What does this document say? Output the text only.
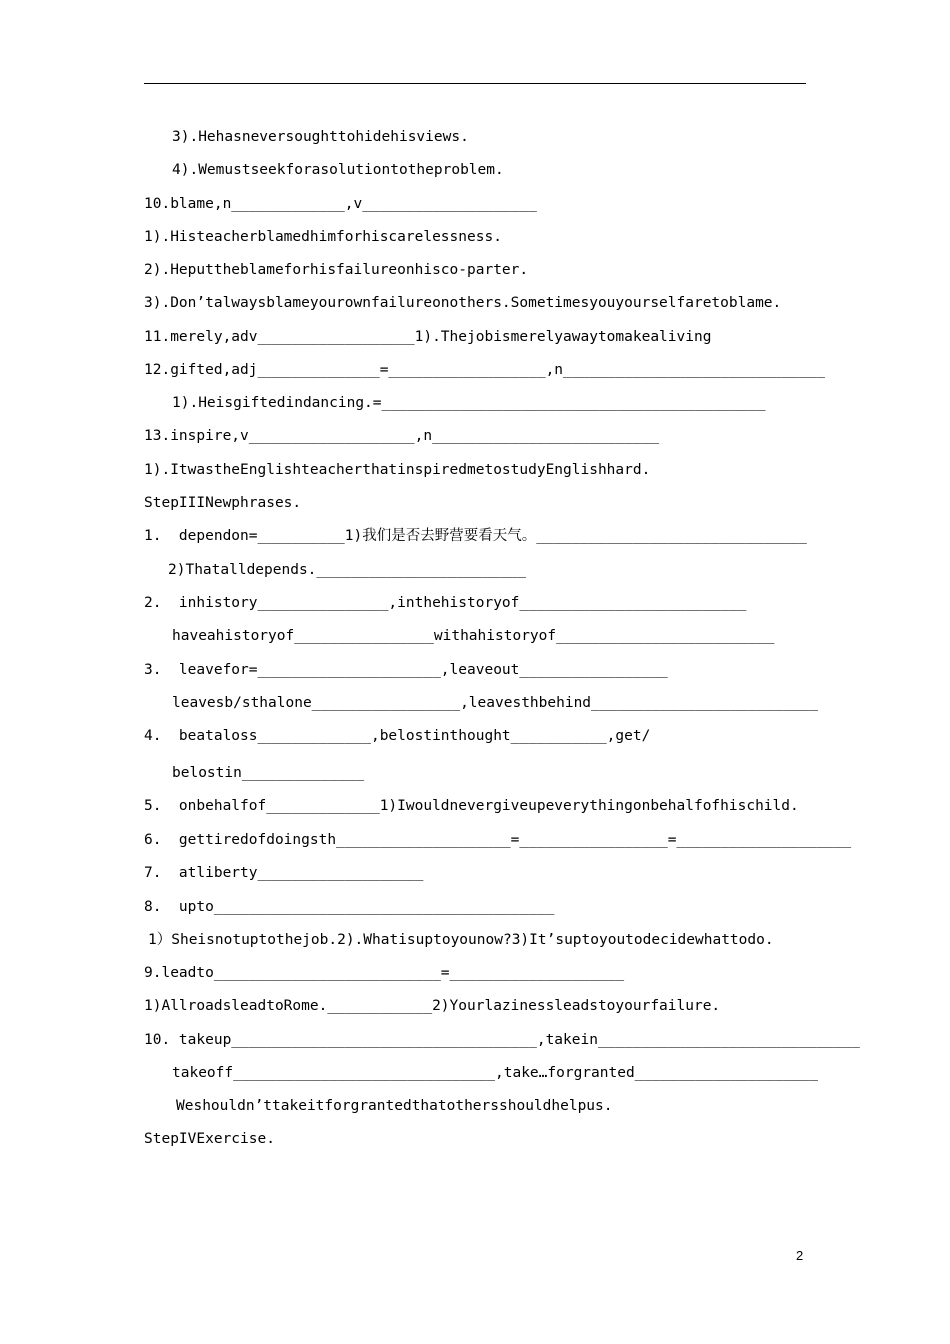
3).Hehasneversoughttohidehisviews.
4).Wemustseekforasolutiontotheproblem.
10.blame,n_____________,v____________________
1).Histeacherblamedhimforhiscarelessness.
2).Heputtheblameforhisfailureonhisco-parter.
3).Don’talwaysblameyourownfailureonothers.Sometimesyouyourselfaretoblame.
11.merely,adv__________________1).Thejobismerelyawaytomakealiving
12.gifted,adj______________=__________________,n______________________________
1).Heisgiftedindancing.=____________________________________________
13.inspire,v___________________,n__________________________
1).ItwastheEnglishteacherthatinspiredmetostudyEnglishhard.
StepIIINewphrases.
1.  dependon=__________1)我们是否去野营要看天气。_______________________________
2)Thatalldepends.________________________
2.  inhistory_______________,inthehistoryof__________________________
haveahistoryof________________withahistoryof_________________________
3.  leavefor=_____________________,leaveout_________________
leavesb/sthalone_________________,leavesthbehind__________________________
4.  beataloss_____________,belostinthought___________,get/
belostin______________
5.  onbehalfof_____________1)Iwouldnevergiveupeverythingonbehalfofhischild.
6.  gettiredofdoingsth____________________=_________________=____________________
7.  atliberty___________________
8.  upto_______________________________________
1）Sheisnotuptothejob.2).Whatisuptoyounow?3)It’suptoyoutodecidewhattodo.
9.leadto__________________________=____________________
1)AllroadsleadtoRome.____________2)Yourlazinessleadstoyourfailure.
10. takeup___________________________________,takein______________________________
takeoff______________________________,take…forgranted_____________________
Weshouldn’ttakeitforgrantedthatothersshouldhelpus.
StepIVExercise.
2
